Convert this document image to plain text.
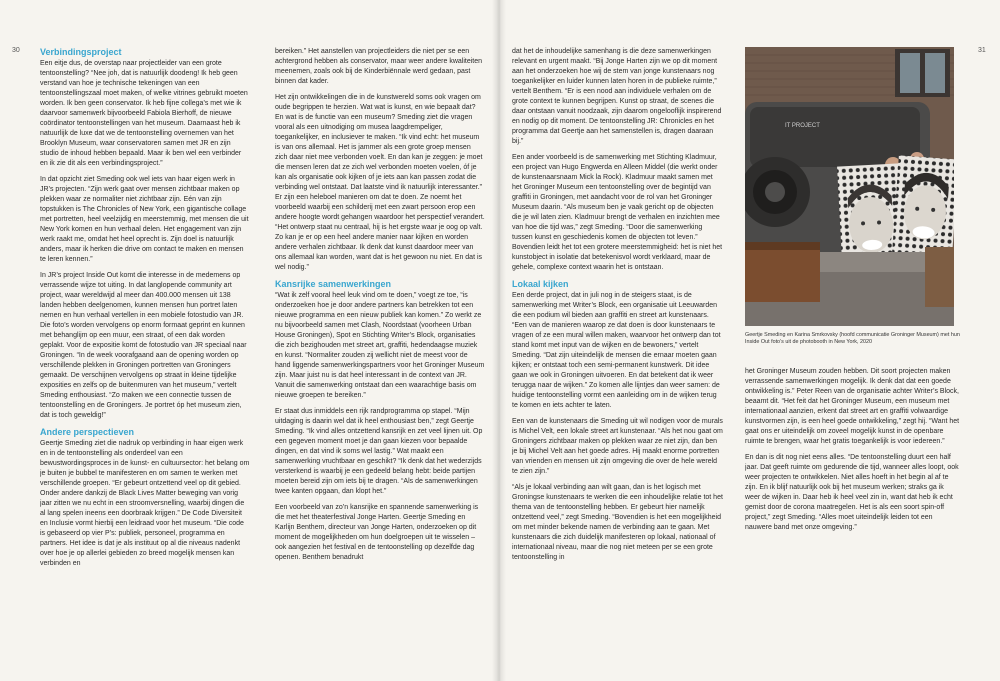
30	31
Verbindingsproject

Een eitje dus, de overstap naar projectleider van een grote tentoonstelling? “Nee joh, dat is natuurlijk doodeng! Ik heb geen verstand van hoe je technische tekeningen van een tentoonstellingszaal moet maken, of welke vitrines gebruikt moeten worden. Ik ben geen conservator. Ik heb fijne collega’s met wie ik daarvoor samenwerk bijvoorbeeld Fabiola Bierhoff, de nieuwe coördinator tentoonstellingen van het museum. Daarnaast heb ik natuurlijk de luxe dat we de tentoonstelling overnemen van het Brooklyn Museum, waar conservatoren samen met JR en zijn studio de inhoud hebben bepaald. Maar ik ben wel een verbinder en ik zie dit als een verbindingsproject.”

In dat opzicht ziet Smeding ook wel iets van haar eigen werk in JR’s projecten. “Zijn werk gaat over mensen zichtbaar maken op plekken waar ze normaliter niet zichtbaar zijn. Eén van zijn topstukken is The Chronicles of New York, een gigantische collage met portretten, heel veelzijdig en meerstemmig, met mensen die uit New York komen en hun verhaal delen. Het engagement van zijn werk raakt me, omdat het heel oprecht is. Zijn doel is natuurlijk anders, maar ik herken die drive om contact te maken en mensen te leren kennen.”

In JR’s project Inside Out komt die interesse in de medemens op verrassende wijze tot uiting. In dat langlopende community art project, waar wereldwijd al meer dan 400.000 mensen uit 138 landen hebben deelgenomen, kunnen mensen hun portret laten nemen en hun verhaal vertellen in een mobiele fotostudio van JR. Die foto’s worden vervolgens op enorm formaat geprint en kunnen met behanglijm op een muur, een straat, of een dak worden geplakt. Voor de expositie komt de fotostudio van JR speciaal naar Groningen. “In de week voorafgaand aan de opening worden op verschillende plekken in Groningen portretten van Groningers gemaakt. De verschijnen vervolgens op straat in kleine tijdelijke exposities en zelfs op de buitenmuren van het museum,” vertelt Smeding enthousiast. “Zo maken we een connectie tussen de tentoonstelling en de Groningers. Je portret óp het museum zien, dat is toch geweldig!”

Andere perspectieven

Geertje Smeding ziet die nadruk op verbinding in haar eigen werk en in de tentoonstelling als onderdeel van een bewustwordingsproces in de kunst- en cultuursector: het belang om je buiten je bubbel te manifesteren en om samen te werken met verschillende groepen. “Er gebeurt ontzettend veel op dit gebied. Onder andere dankzij de Black Lives Matter beweging van vorig jaar zitten we nu echt in een stroomversnelling, waarbij dingen die al lang spelen ineens een doorbraak krijgen.” De Code Diversiteit en Inclusie vormt hierbij een leidraad voor het museum. “Die code is gebaseerd op vier P’s: publiek, personeel, programma en partners. Het idee is dat je als instituut op al die niveaus nadenkt over hoe je op allerlei gebieden zo breed mogelijk mensen kan verbinden en

bereiken.” Het aanstellen van projectleiders die niet per se een achtergrond hebben als conservator, maar weer andere kwaliteiten meenemen, zoals ook bij de Kinderbiënnale werd gedaan, past binnen dat kader.

Het zijn ontwikkelingen die in de kunstwereld soms ook vragen om oude begrippen te herzien. Wat wat is kunst, en wie bepaalt dat? En wat is de functie van een museum? Smeding ziet die vragen vooral als een uitnodiging om musea laagdrempeliger, toegankelijker, en inclusiever te maken. “Ik vind echt: het museum is van ons allemaal. Het is jammer als een grote groep mensen zich daar niet mee verbonden voelt. En dan kan je zeggen: je moet die mensen leren dat ze zich wel verbonden moeten voelen, óf je kan als organisatie ook kijken of je iets aan kan passen zodat die verbinding wel ontstaat. Dat laatste vind ik natuurlijk interessanter.” Er zijn een heleboel manieren om dat te doen. Ze noemt het voorbeeld waarbij een schilderij met een zwart persoon erop een andere hoogte wordt gehangen waardoor het perspectief verandert. “Het ontwerp staat nu centraal, hij is het ergste waar je oog op valt. Zo kan je er op een heel andere manier naar kijken en worden andere verhalen zichtbaar. Ik denk dat kunst daardoor meer van ons allemaal kan worden, want dat is het gewoon nu niet. En dat is wel nodig.”

Kansrijke samenwerkingen

“Wat ik zelf vooral heel leuk vind om te doen,” voegt ze toe, “is onderzoeken hoe je door andere partners kan betrekken tot een nieuwe programma en een nieuw publiek kan komen.” Zo werkt ze nu bijvoorbeeld samen met Clash, Noordstaat (voorheen Urban House Groningen), Spot en Stichting Writer’s Block, organisaties die zich bezighouden met street art, graffiti, hedendaagse muziek en kunst. “Normaliter zouden zij wellicht niet de meest voor de hand liggende samenwerkingspartners voor het Groninger Museum zijn. Maar juist nu is dat heel interessant in de context van JR. Vanuit die samenwerking ontstaat dan een waarachtige basis om nieuwe groepen te bereiken.”

Er staat dus inmiddels een rijk randprogramma op stapel. “Mijn uitdaging is daarin wel dat ik heel enthousiast ben,” zegt Geertje Smeding. “Ik vind alles ontzettend kansrijk en zet veel lijnen uit. Op een gegeven moment moet je dan gaan kiezen voor bepaalde dingen, en dat vind ik soms wel lastig.” Wat maakt een samenwerking vruchtbaar en geschikt? “Ik denk dat het wederzijds versterkend is waarbij je een gedeeld belang hebt: beide partijen moeten bereid zijn om iets bij te dragen. “Als de samenwerkingen twee kanten opgaan, dan klopt het.”

Een voorbeeld van zo’n kansrijke en spannende samenwerking is die met het theaterfestival Jonge Harten. Geertje Smeding en Karlijn Benthem, directeur van Jonge Harten, onderzoeken op dit moment de mogelijkheden om hun doelgroepen uit te wisselen – ook aangezien het festival en de tentoonstelling op dezelfde dag openen. Benthem benadrukt

dat het de inhoudelijke samenhang is die deze samenwerkingen relevant en urgent maakt. “Bij Jonge Harten zijn we op dit moment aan het onderzoeken hoe wij de stem van jonge kunstenaars nog toegankelijker en luider kunnen laten horen in de publieke ruimte,” vertelt Benthem. “Er is een nood aan individuele verhalen om de grote context te kunnen begrijpen. Kunst op straat, de scenes die daar ontstaan vanuit noodzaak, zijn daarom ongelooflijk inspirerend en nodig op dit moment. De tentoonstelling JR: Chronicles en het programma dat Geertje aan het samenstellen is, dragen daaraan bij.”

Een ander voorbeeld is de samenwerking met Stichting Kladmuur, een project van Hugo Engwerda en Alleen Middel (die werkt onder de kunstenaarsnaam Mick la Rock). Kladmuur maakt samen met het Groninger Museum een tentoonstelling over de begintijd van graffiti in Groningen, met aandacht voor de rol van het Groninger Museum daarin. “Als museum ben je vaak gericht op de objecten die je wil laten zien. Kladmuur brengt de verhalen en inzichten mee van hoe die tijd was,” zegt Smeding. “Door die samenwerking tussen kunst en geschiedenis komen de objecten tot leven.” Bovendien leidt het tot een grotere meerstemmigheid: het is niet het kunstobject in isolatie dat betekenisvol wordt verklaard, maar de gehele, complexe context waarin het is ontstaan.

Lokaal kijken

Een derde project, dat in juli nog in de steigers staat, is de samenwerking met Writer’s Block, een organisatie uit Leeuwarden die een podium wil bieden aan graffiti en street art kunstenaars. “Een van de manieren waarop ze dat doen is door kunstenaars te vragen of ze een mural willen maken, waarvoor het ontwerp dan tot stand komt met input van de wijken en de bewoners,” vertelt Smeding. “Dat zijn uiteindelijk de mensen die ernaar moeten gaan kijken; er ontstaat toch een semi-permanent kunstwerk. Dit idee gaan we ook in Groningen uitvoeren. En dat betekent dat ik weer terugga naar de wijken.” Zo komen alle lijntjes dan weer samen: de huidige tentoonstelling vormt een aanleiding om in de wijken terug te komen en iets achter te laten.

Een van de kunstenaars die Smeding uit wil nodigen voor de murals is Michel Velt, een lokale street art kunstenaar. “Als het nou gaat om Groningers zichtbaar maken op plekken waar ze niet zijn, dan ben je bij Michel Velt aan het goede adres. Hij maakt enorme portretten van vrienden en mensen uit zijn omgeving die over de hele wereld te zien zijn.”

“Als je lokaal verbinding aan wilt gaan, dan is het logisch met Groningse kunstenaars te werken die een inhoudelijke relatie tot het thema van de tentoonstelling hebben. Er gebeurt hier namelijk ontzettend veel,” zegt Smeding. “Bovendien is het een mogelijkheid om met minder bekende namen de verbinding aan te gaan. Met kunstenaars die zich duidelijk manifesteren op lokaal, nationaal of internationaal niveau, maar die nog niet meteen per se een grote tentoonstelling in

IT PROJECT
Geertje Smeding en Karina Smrkovsky (hoofd communicatie Groninger Museum) met hun Inside Out foto’s uit de photobooth in New York, 2020

het Groninger Museum zouden hebben. Dit soort projecten maken verrassende samenwerkingen mogelijk. Ik denk dat dat een goede ontwikkeling is.” Peter Reen van de organisatie achter Writer’s Block, beaamt dit. “Het feit dat het Groninger Museum, een museum met internationaal aanzien, erkent dat street art en graffiti volwaardige kunstvormen zijn, is een heel goede ontwikkeling,” zegt hij. “Want het gaat ons er uiteindelijk om zoveel mogelijk kunst in de openbare ruimte te brengen, waar het gratis toegankelijk is voor iedereen.”

En dan is dit nog niet eens alles. “De tentoonstelling duurt een half jaar. Dat geeft ruimte om gedurende die tijd, wanneer alles loopt, ook weer projecten te ontwikkelen. Niet alles hoeft in het begin al af te zijn. En ik blijf natuurlijk ook bij het museum werken; straks ga ik weer de wijken in. Daar heb ik heel veel zin in, want dat heb ik echt gemist door de corona maatregelen. Het is als een soort spin-off project,” zegt Smeding. “Alles moet uiteindelijk leiden tot een nauwere band met onze omgeving.”
